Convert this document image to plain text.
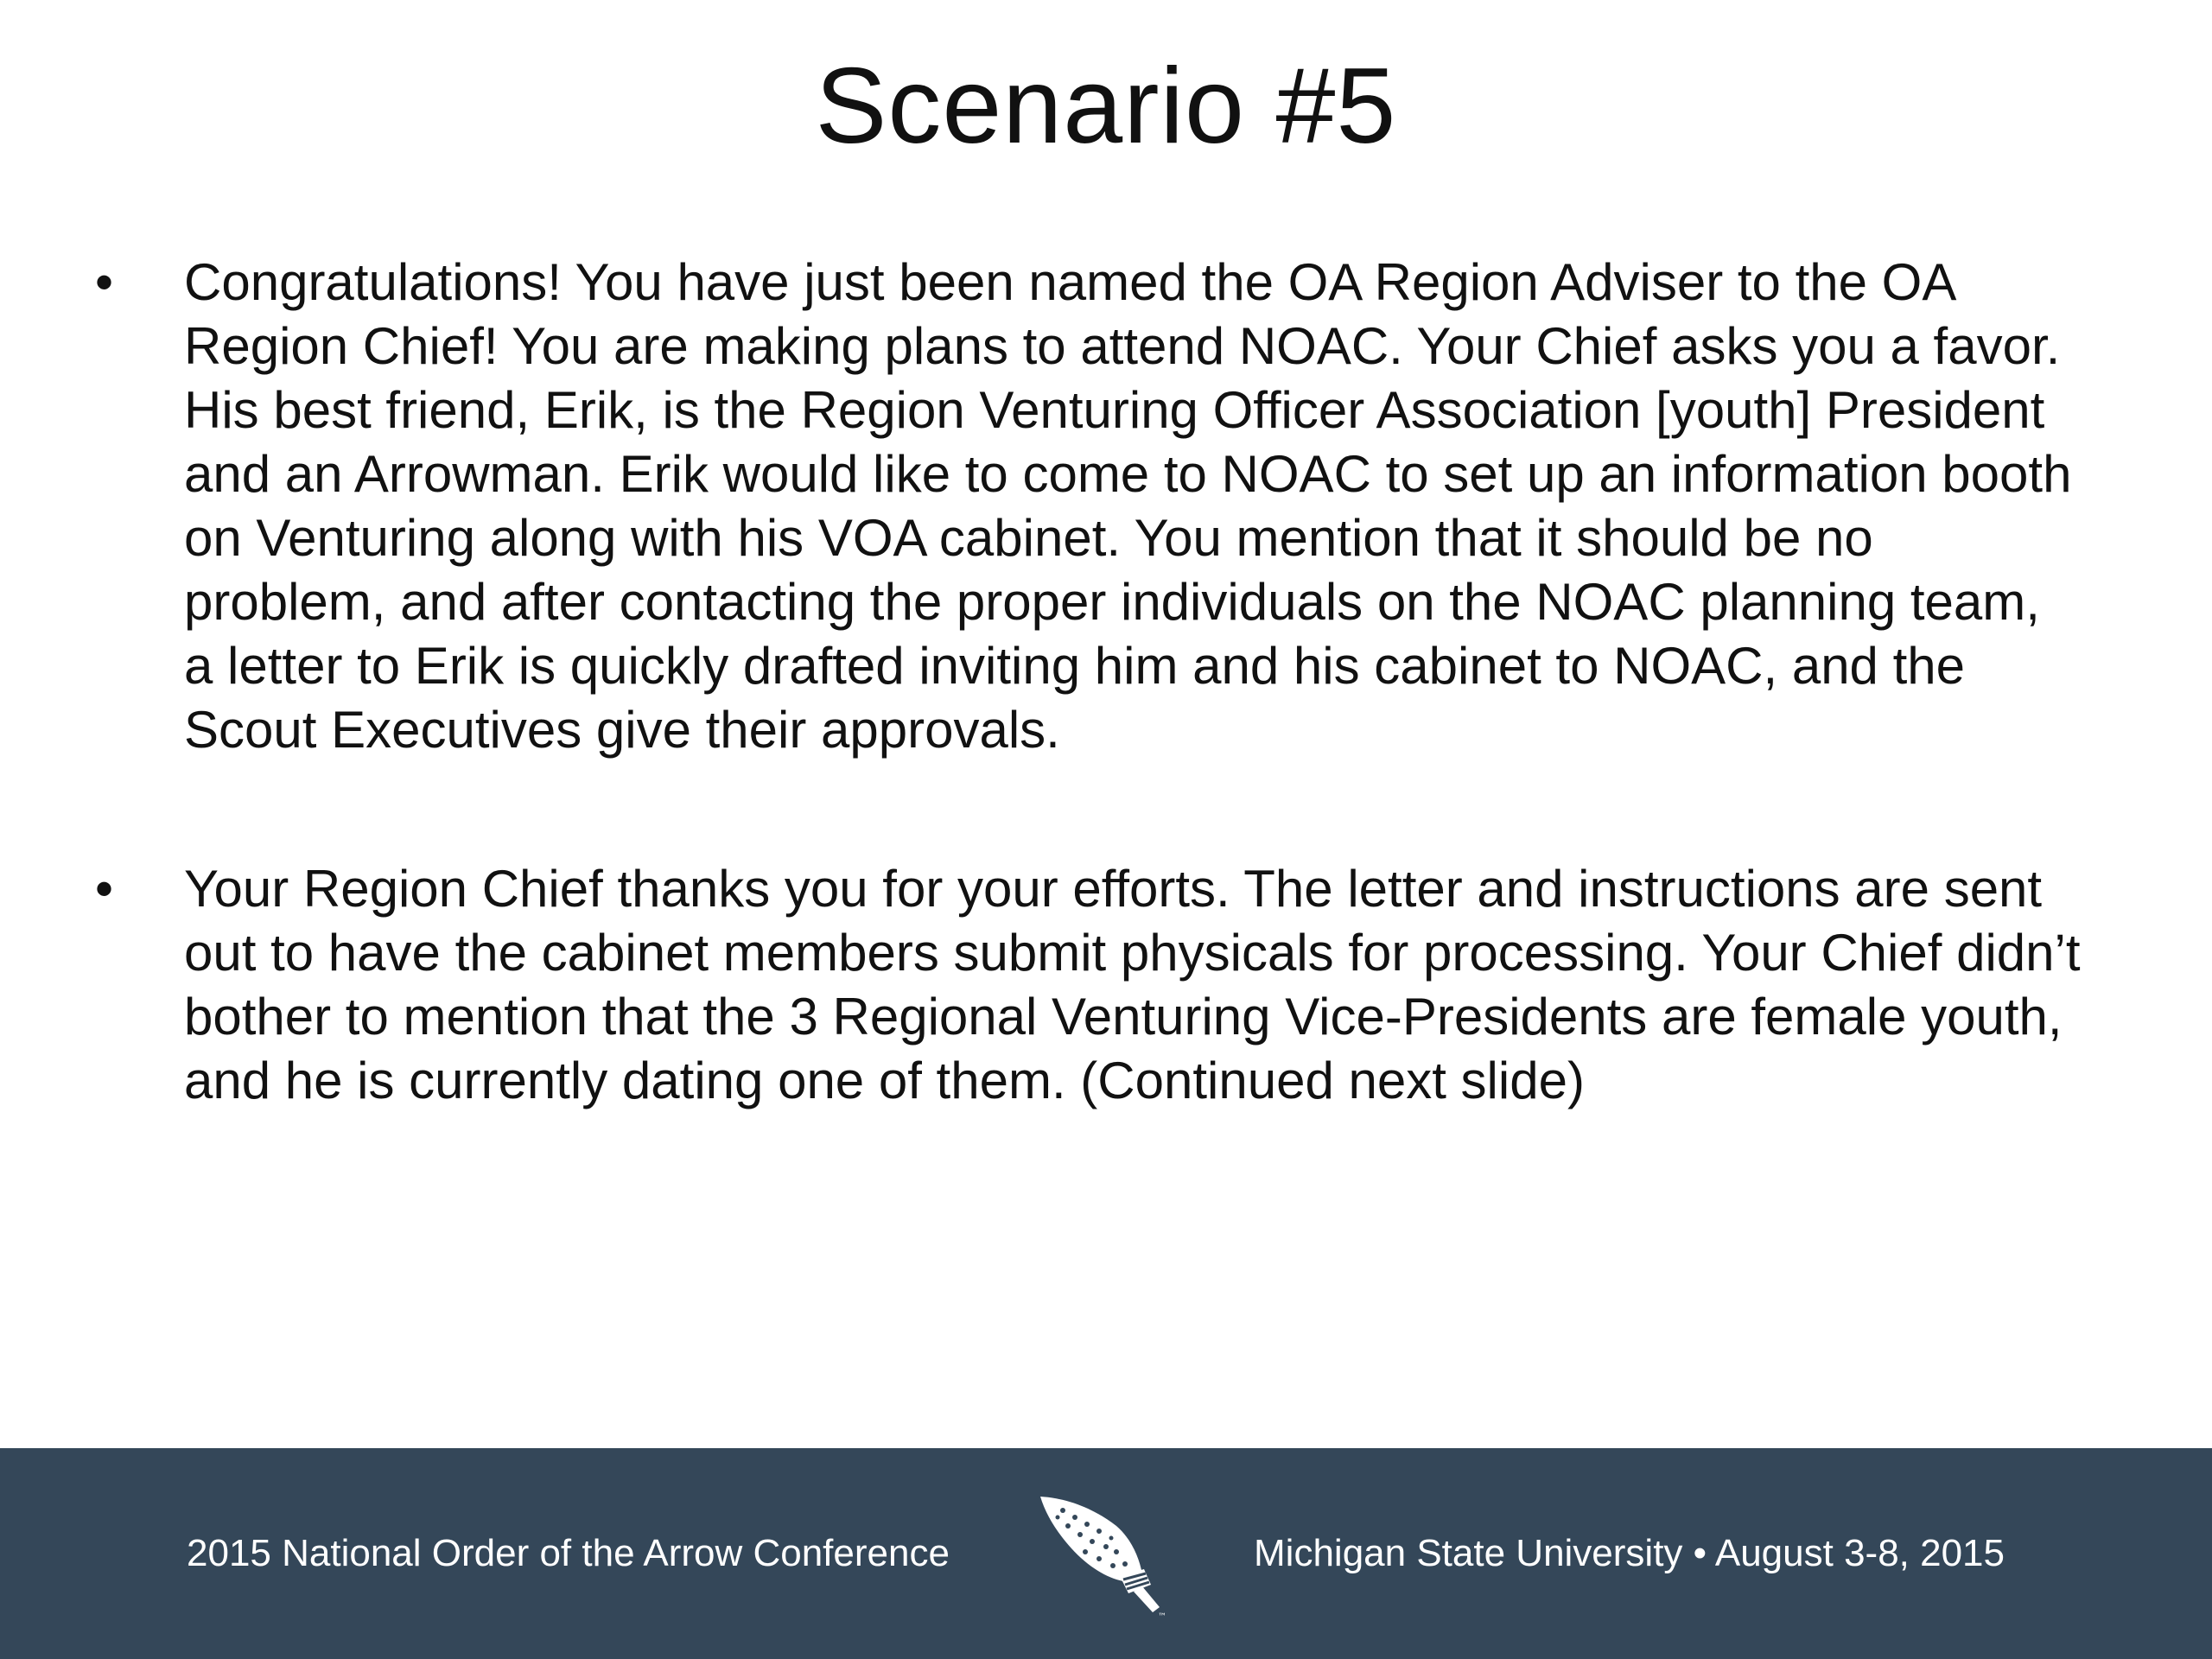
Scenario #5
•	Congratulations! You have just been named the OA Region Adviser to the OA Region Chief! You are making plans to attend NOAC. Your Chief asks you a favor. His best friend, Erik, is the Region Venturing Officer Association [youth] President and an Arrowman. Erik would like to come to NOAC to set up an information booth on Venturing along with his VOA cabinet. You mention that it should be no problem, and after contacting the proper individuals on the NOAC planning team, a letter to Erik is quickly drafted inviting him and his cabinet to NOAC, and the Scout Executives give their approvals.
•	Your Region Chief thanks you for your efforts. The letter and instructions are sent out to have the cabinet members submit physicals for processing. Your Chief didn’t bother to mention that the 3 Regional Venturing Vice-Presidents are female youth, and he is currently dating one of them. (Continued next slide)
2015 National Order of the Arrow Conference
™
Michigan State University • August 3-8, 2015
